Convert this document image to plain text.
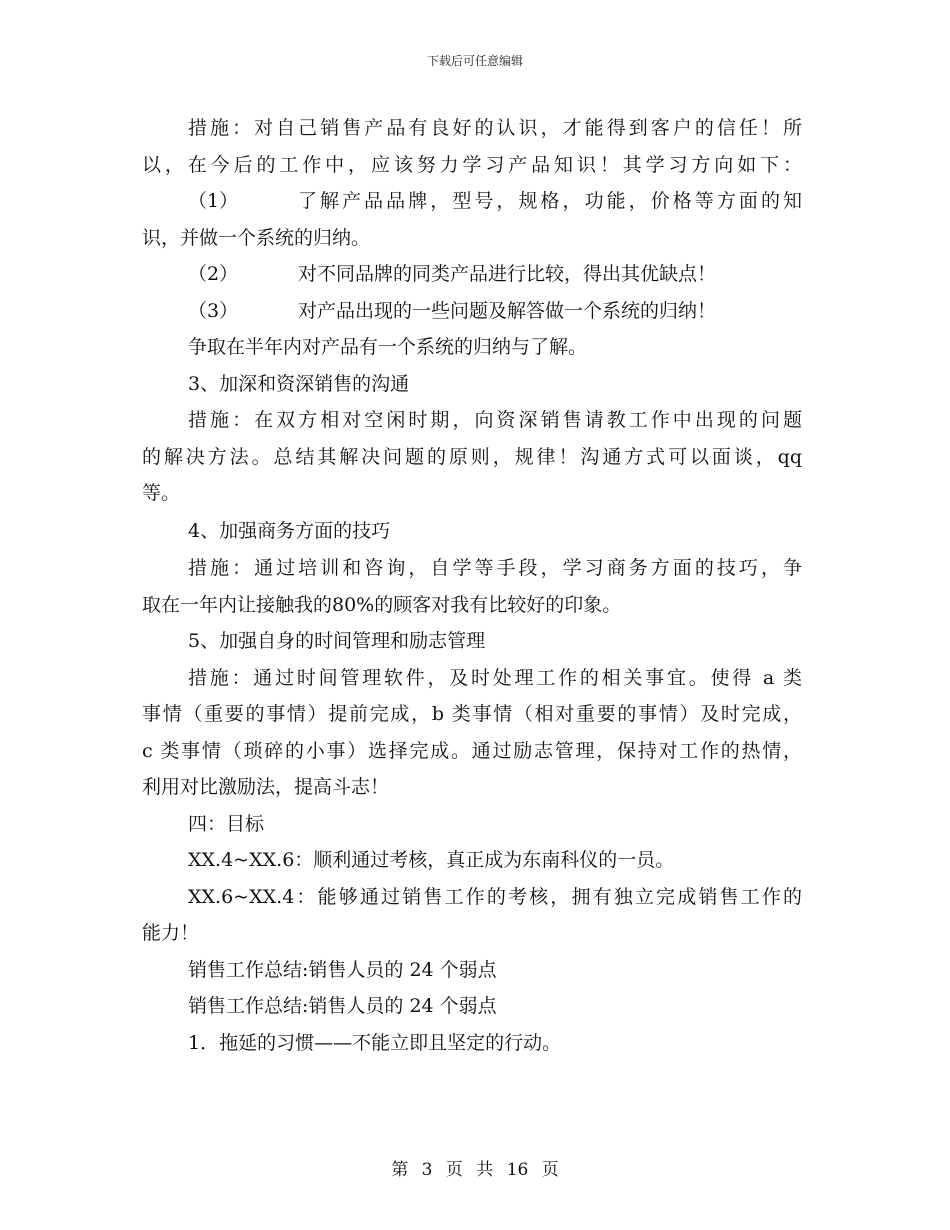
下载后可任意编辑
措施：对自己销售产品有良好的认识，才能得到客户的信任！所
以，在今后的工作中，应该努力学习产品知识！其学习方向如下：
（1）	了解产品品牌，型号，规格，功能，价格等方面的知
识，并做一个系统的归纳。
（2）	对不同品牌的同类产品进行比较，得出其优缺点！
（3）	对产品出现的一些问题及解答做一个系统的归纳！
争取在半年内对产品有一个系统的归纳与了解。
3、加深和资深销售的沟通
措施：在双方相对空闲时期，向资深销售请教工作中出现的问题
的解决方法。总结其解决问题的原则，规律！沟通方式可以面谈，qq
等。
4、加强商务方面的技巧
措施：通过培训和咨询，自学等手段，学习商务方面的技巧，争
取在一年内让接触我的80%的顾客对我有比较好的印象。
5、加强自身的时间管理和励志管理
措施：通过时间管理软件，及时处理工作的相关事宜。使得 a 类
事情（重要的事情）提前完成，b 类事情（相对重要的事情）及时完成，
c 类事情（琐碎的小事）选择完成。通过励志管理，保持对工作的热情，
利用对比激励法，提高斗志！
四：目标
XX.4~XX.6：顺利通过考核，真正成为东南科仪的一员。
XX.6~XX.4：能够通过销售工作的考核，拥有独立完成销售工作的
能力！
销售工作总结:销售人员的 24 个弱点
销售工作总结:销售人员的 24 个弱点
1．拖延的习惯——不能立即且坚定的行动。
第 3 页 共 16 页
